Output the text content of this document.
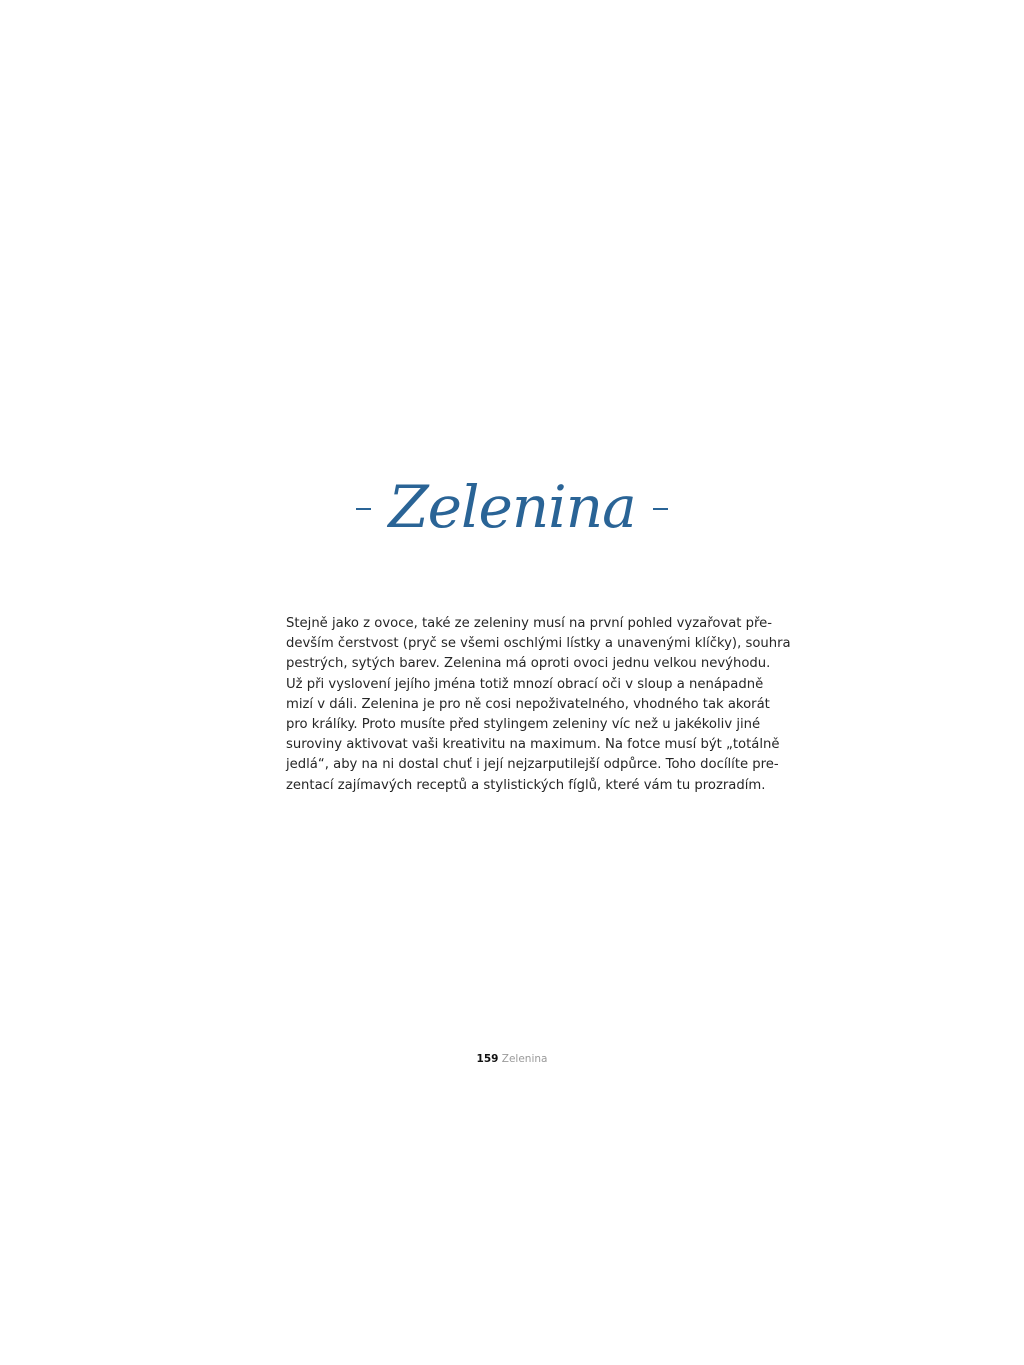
Zelenina
Stejně jako z ovoce, také ze zeleniny musí na první pohled vyzařovat pře-
devším čerstvost (pryč se všemi oschlými lístky a unavenými klíčky), souhra
pestrých, sytých barev. Zelenina má oproti ovoci jednu velkou nevýhodu.
Už při vyslovení jejího jména totiž mnozí obrací oči v sloup a nenápadně
mizí v dáli. Zelenina je pro ně cosi nepoživatelného, vhodného tak akorát
pro králíky. Proto musíte před stylingem zeleniny víc než u jakékoliv jiné
suroviny aktivovat vaši kreativitu na maximum. Na fotce musí být „totálně
jedlá“, aby na ni dostal chuť i její nejzarputilejší odpůrce. Toho docílíte pre-
zentací zajímavých receptů a stylistických fíglů, které vám tu prozradím.
159 Zelenina
